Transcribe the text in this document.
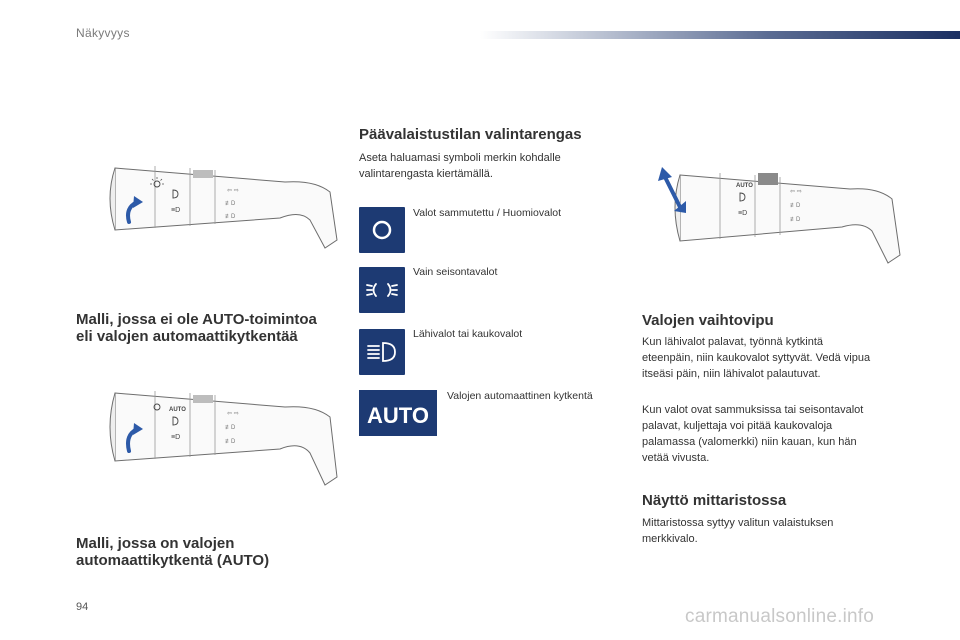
Näkyvyys
≡D
⇦ ⇨
≢D
≢D
Malli, jossa ei ole AUTO-toimintoa
eli valojen automaattikytkentää
AUTO
≡D
⇦ ⇨
≢D
≢D
Malli, jossa on valojen
automaattikytkentä (AUTO)
Päävalaistustilan valintarengas

Aseta haluamasi symboli merkin kohdalle
valintarengasta kiertämällä.

Valot sammutettu / Huomiovalot
Vain seisontavalot
Lähivalot tai kaukovalot
AUTO
Valojen automaattinen kytkentä
AUTO
≡D
⇦ ⇨
≢D
≢D
Valojen vaihtovipu

Kun lähivalot palavat, työnnä kytkintä
eteenpäin, niin kaukovalot syttyvät. Vedä vipua
itseäsi päin, niin lähivalot palautuvat.

Kun valot ovat sammuksissa tai seisontavalot
palavat, kuljettaja voi pitää kaukovaloja
palamassa (valomerkki) niin kauan, kun hän
vetää vivusta.

Näyttö mittaristossa

Mittaristossa syttyy valitun valaistuksen
merkkivalo.

94	carmanualsonline.info
